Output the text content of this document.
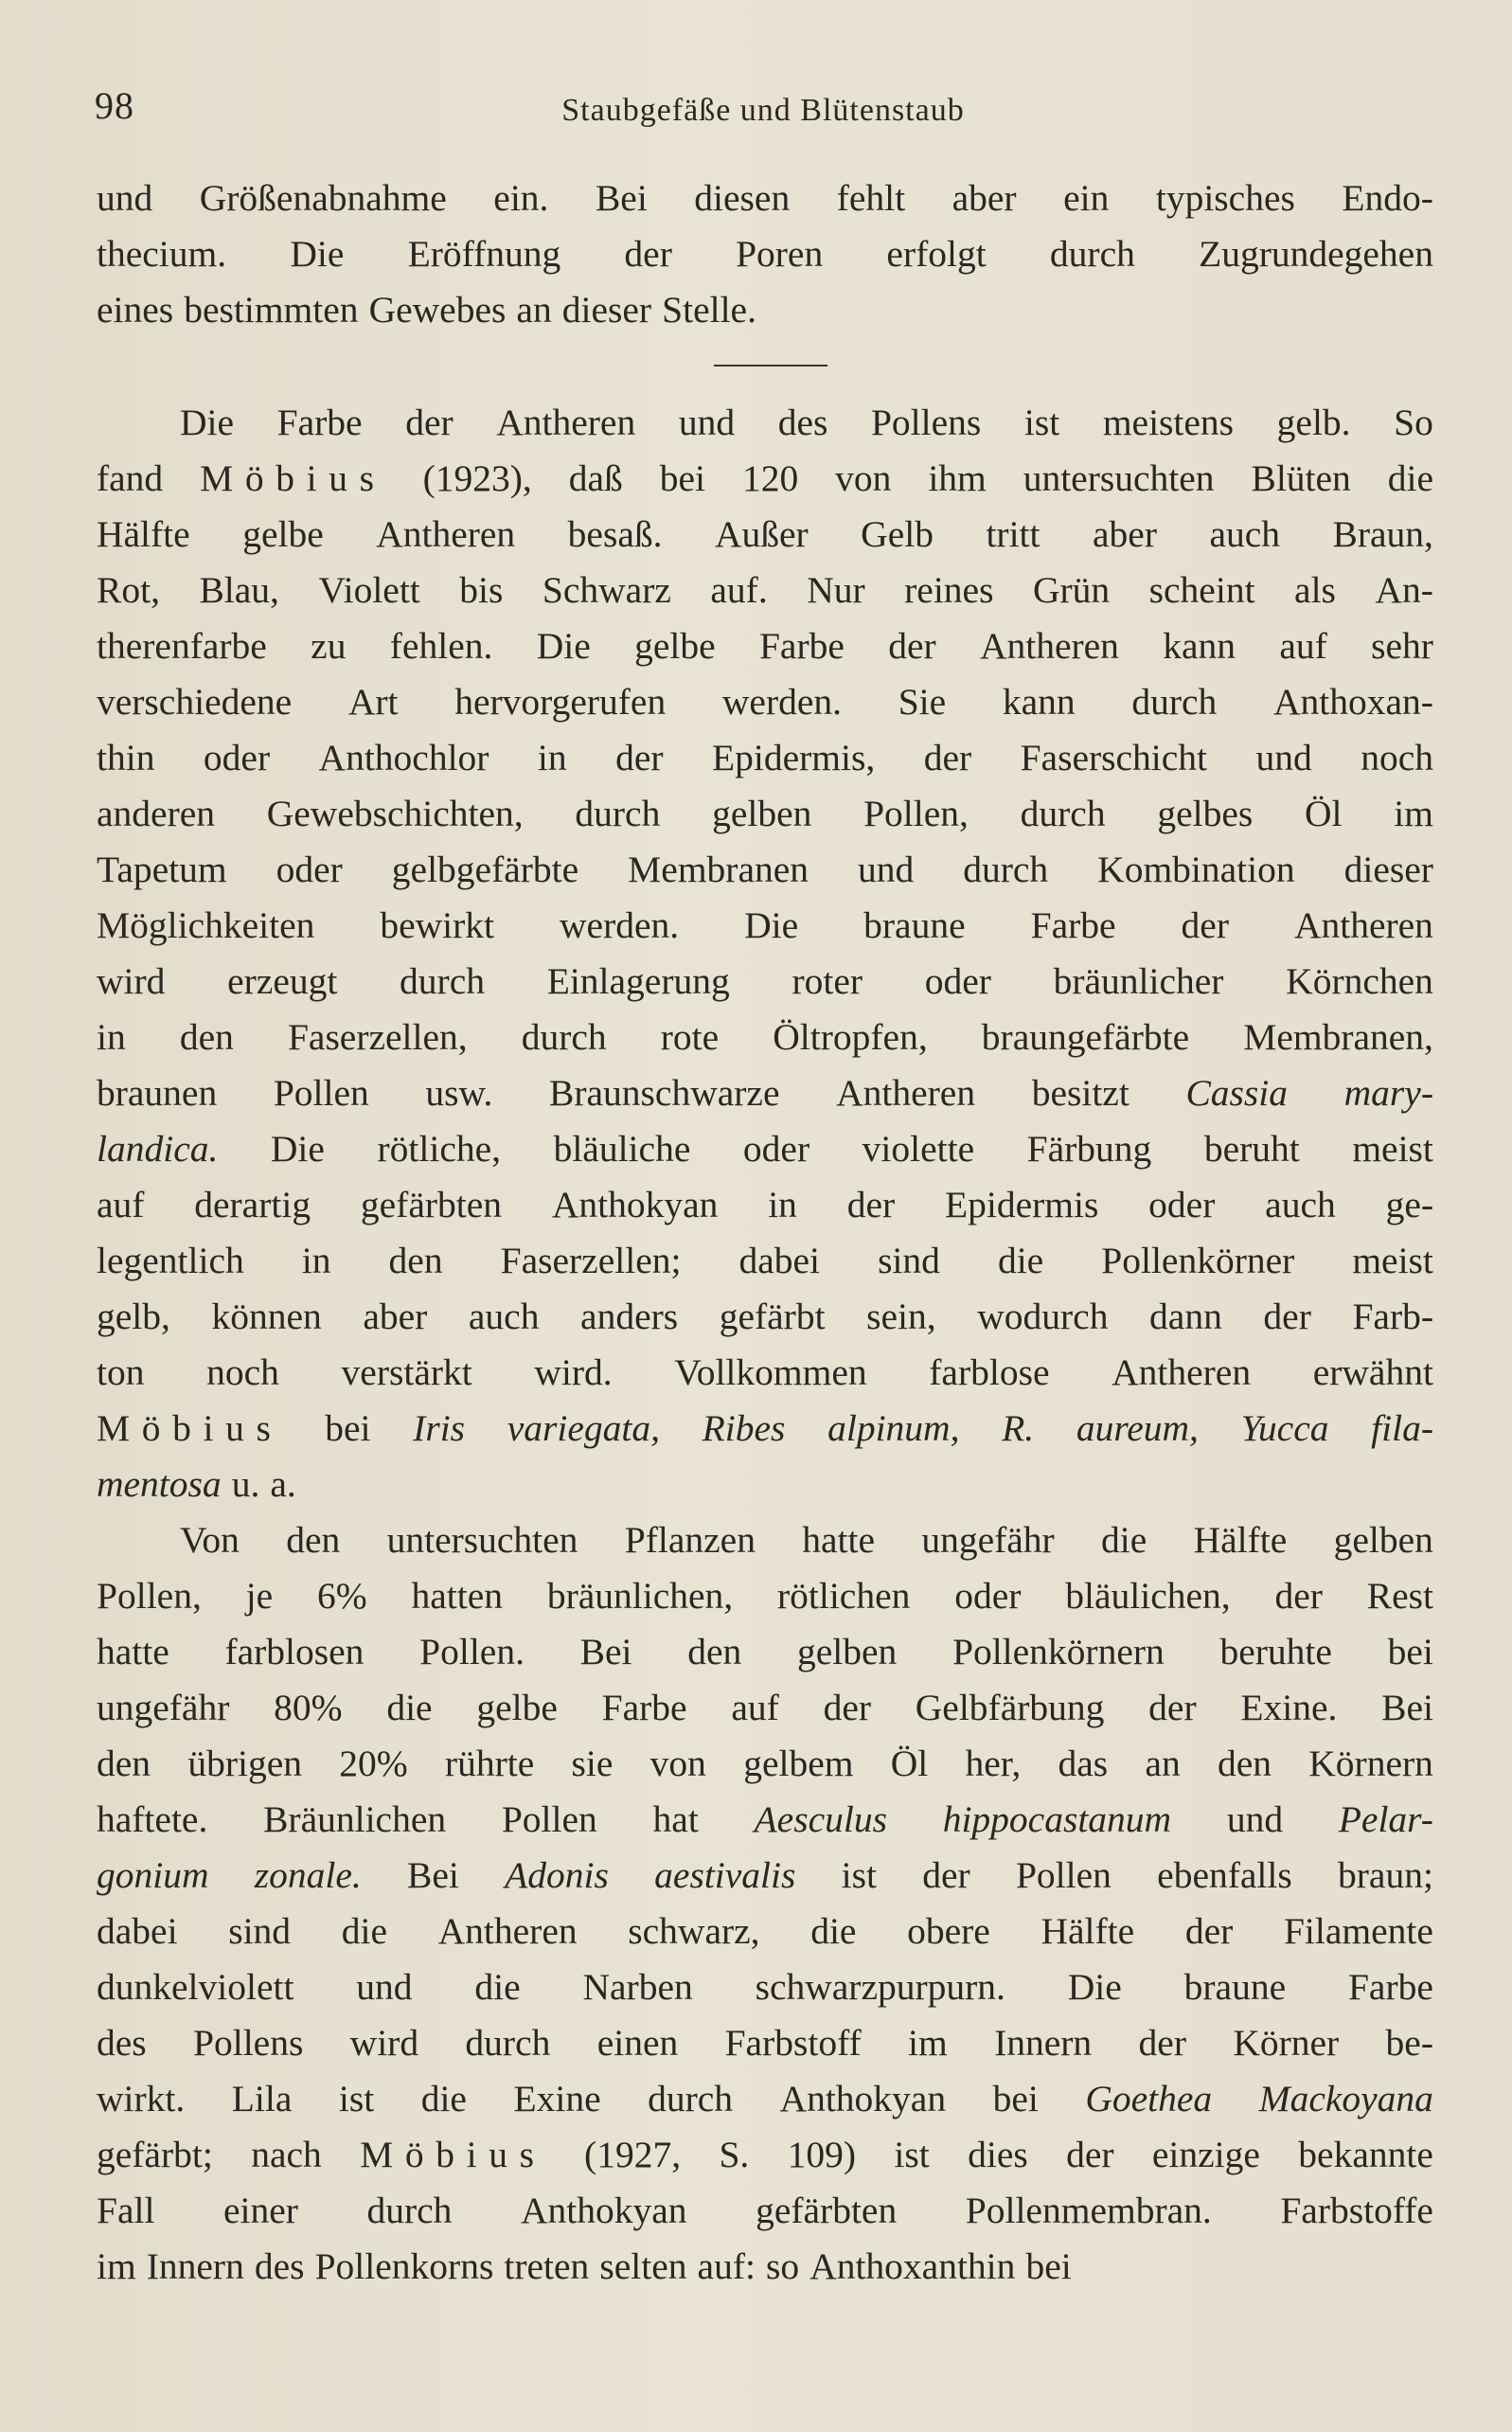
98	Staubgefäße und Blütenstaub
und Größenabnahme ein. Bei diesen fehlt aber ein typisches Endo-
thecium. Die Eröffnung der Poren erfolgt durch Zugrundegehen
eines bestimmten Gewebes an dieser Stelle.
Die Farbe der Antheren und des Pollens ist meistens gelb. So
fand Möbius (1923), daß bei 120 von ihm untersuchten Blüten die
Hälfte gelbe Antheren besaß. Außer Gelb tritt aber auch Braun,
Rot, Blau, Violett bis Schwarz auf. Nur reines Grün scheint als An-
therenfarbe zu fehlen. Die gelbe Farbe der Antheren kann auf sehr
verschiedene Art hervorgerufen werden. Sie kann durch Anthoxan-
thin oder Anthochlor in der Epidermis, der Faserschicht und noch
anderen Gewebschichten, durch gelben Pollen, durch gelbes Öl im
Tapetum oder gelbgefärbte Membranen und durch Kombination dieser
Möglichkeiten bewirkt werden. Die braune Farbe der Antheren
wird erzeugt durch Einlagerung roter oder bräunlicher Körnchen
in den Faserzellen, durch rote Öltropfen, braungefärbte Membranen,
braunen Pollen usw. Braunschwarze Antheren besitzt Cassia mary-
landica. Die rötliche, bläuliche oder violette Färbung beruht meist
auf derartig gefärbten Anthokyan in der Epidermis oder auch ge-
legentlich in den Faserzellen; dabei sind die Pollenkörner meist
gelb, können aber auch anders gefärbt sein, wodurch dann der Farb-
ton noch verstärkt wird. Vollkommen farblose Antheren erwähnt
Möbius bei Iris variegata, Ribes alpinum, R. aureum, Yucca fila-
mentosa u. a.
Von den untersuchten Pflanzen hatte ungefähr die Hälfte gelben
Pollen, je 6% hatten bräunlichen, rötlichen oder bläulichen, der Rest
hatte farblosen Pollen. Bei den gelben Pollenkörnern beruhte bei
ungefähr 80% die gelbe Farbe auf der Gelbfärbung der Exine. Bei
den übrigen 20% rührte sie von gelbem Öl her, das an den Körnern
haftete. Bräunlichen Pollen hat Aesculus hippocastanum und Pelar-
gonium zonale. Bei Adonis aestivalis ist der Pollen ebenfalls braun;
dabei sind die Antheren schwarz, die obere Hälfte der Filamente
dunkelviolett und die Narben schwarzpurpurn. Die braune Farbe
des Pollens wird durch einen Farbstoff im Innern der Körner be-
wirkt. Lila ist die Exine durch Anthokyan bei Goethea Mackoyana
gefärbt; nach Möbius (1927, S. 109) ist dies der einzige bekannte
Fall einer durch Anthokyan gefärbten Pollenmembran. Farbstoffe
im Innern des Pollenkorns treten selten auf: so Anthoxanthin bei
